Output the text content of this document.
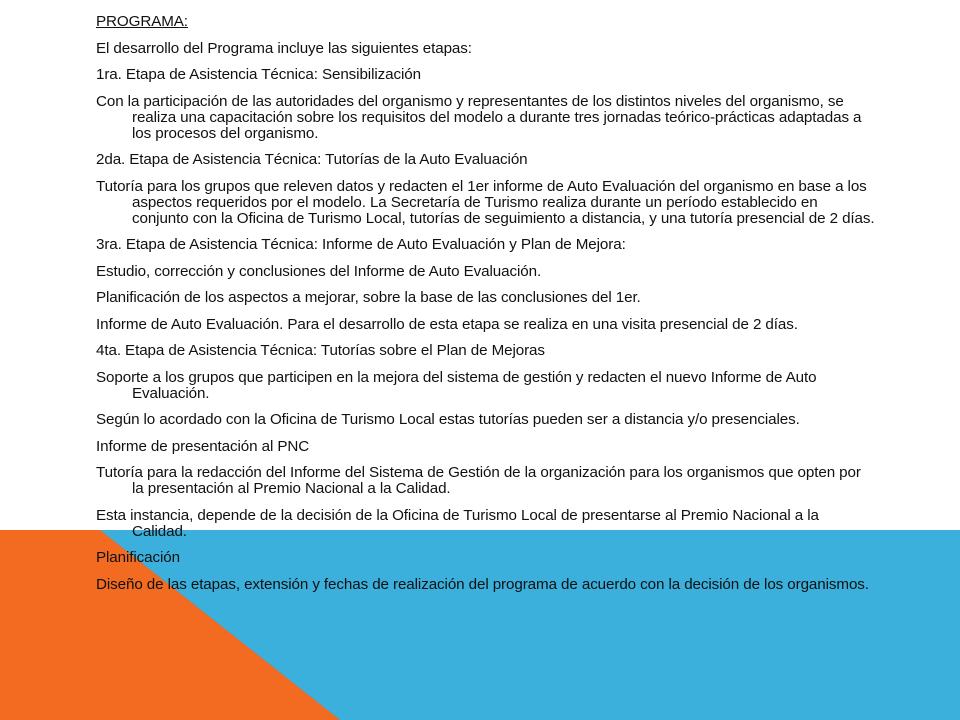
PROGRAMA:

El desarrollo del Programa incluye las siguientes etapas:

1ra. Etapa de Asistencia Técnica: Sensibilización

Con la participación de las autoridades del organismo y representantes de los distintos niveles del organismo, se realiza una capacitación sobre los requisitos del modelo a durante tres jornadas teórico-prácticas adaptadas a los procesos del organismo.

2da. Etapa de Asistencia Técnica: Tutorías de la Auto Evaluación

Tutoría para los grupos que releven datos y redacten el 1er informe de Auto Evaluación del organismo en base a los aspectos requeridos por el modelo. La Secretaría de Turismo realiza durante un período establecido en conjunto con la Oficina de Turismo Local, tutorías de seguimiento a distancia, y una tutoría presencial de 2 días.

3ra. Etapa de Asistencia Técnica: Informe de Auto Evaluación y Plan de Mejora:

Estudio, corrección y conclusiones del Informe de Auto Evaluación.

Planificación de los aspectos a mejorar, sobre la base de las conclusiones del 1er.

Informe de Auto Evaluación. Para el desarrollo de esta etapa se realiza en una visita presencial de 2 días.

4ta. Etapa de Asistencia Técnica: Tutorías sobre el Plan de Mejoras

Soporte a los grupos que participen en la mejora del sistema de gestión y redacten el nuevo Informe de Auto Evaluación.

Según lo acordado con la Oficina de Turismo Local estas tutorías pueden ser a distancia y/o presenciales.

Informe de presentación al PNC

Tutoría para la redacción del Informe del Sistema de Gestión de la organización para los organismos que opten por la presentación al Premio Nacional a la Calidad.

Esta instancia, depende de la decisión de la Oficina de Turismo Local de presentarse al Premio Nacional a la Calidad.

Planificación

Diseño de las etapas, extensión y fechas de realización del programa de acuerdo con la decisión de los organismos.
